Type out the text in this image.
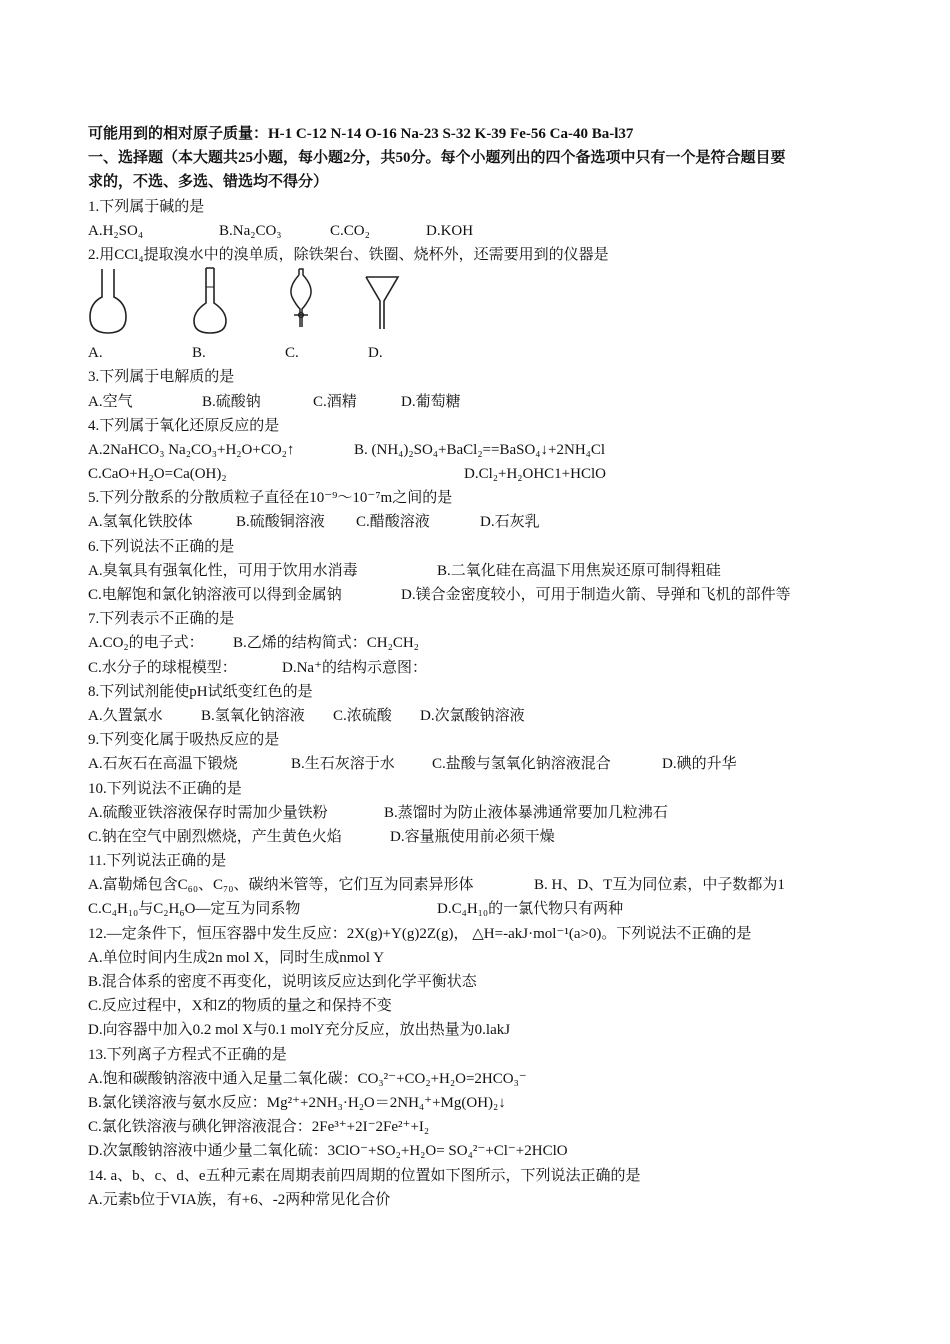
可能用到的相对原子质量：H-1 C-12 N-14 O-16 Na-23 S-32 K-39 Fe-56 Ca-40 Ba-l37
一、选择题（本大题共25小题，每小题2分，共50分。每个小题列出的四个备选项中只有一个是符合题目要
求的，不选、多选、错选均不得分）
1.下列属于碱的是
A.H₂SO₄	B.Na₂CO₃	C.CO₂	D.KOH
2.用CCl₄提取溴水中的溴单质，除铁架台、铁圈、烧杯外，还需要用到的仪器是
A.	B.	C.	D.
3.下列属于电解质的是
A.空气	B.硫酸钠	C.酒精	D.葡萄糖
4.下列属于氧化还原反应的是
A.2NaHCO₃ Na₂CO₃+H₂O+CO₂↑	B. (NH₄)₂SO₄+BaCl₂==BaSO₄↓+2NH₄Cl
C.CaO+H₂O=Ca(OH)₂	D.Cl₂+H₂OHC1+HClO
5.下列分散系的分散质粒子直径在10⁻⁹～10⁻⁷m之间的是
A.氢氧化铁胶体	B.硫酸铜溶液 C.醋酸溶液	D.石灰乳
6.下列说法不正确的是
A.臭氧具有强氧化性，可用于饮用水消毒	B.二氧化硅在高温下用焦炭还原可制得粗硅
C.电解饱和氯化钠溶液可以得到金属钠	D.镁合金密度较小，可用于制造火箭、导弹和飞机的部件等
7.下列表示不正确的是
A.CO₂的电子式： B.乙烯的结构简式：CH₂CH₂
C.水分子的球棍模型：	D.Na⁺的结构示意图：
8.下列试剂能使pH试纸变红色的是
A.久置氯水	B.氢氧化钠溶液 C.浓硫酸 D.次氯酸钠溶液
9.下列变化属于吸热反应的是
A.石灰石在高温下锻烧	B.生石灰溶于水 C.盐酸与氢氧化钠溶液混合	D.碘的升华
10.下列说法不正确的是
A.硫酸亚铁溶液保存时需加少量铁粉	B.蒸馏时为防止液体暴沸通常要加几粒沸石
C.钠在空气中剧烈燃烧，产生黄色火焰	D.容量瓶使用前必须干燥
11.下列说法正确的是
A.富勒烯包含C₆₀、C₇₀、碳纳米管等，它们互为同素异形体	B. H、D、T互为同位素，中子数都为1
C.C₄H₁₀与C₂H₆O—定互为同系物	D.C₄H₁₀的一氯代物只有两种
12.—定条件下，恒压容器中发生反应：2X(g)+Y(g)2Z(g)， △H=-akJ·mol⁻¹(a>0)。下列说法不正确的是
A.单位时间内生成2n mol X，同时生成nmol Y
B.混合体系的密度不再变化，说明该反应达到化学平衡状态
C.反应过程中，X和Z的物质的量之和保持不变
D.向容器中加入0.2 mol X与0.1 molY充分反应，放出热量为0.lakJ
13.下列离子方程式不正确的是
A.饱和碳酸钠溶液中通入足量二氧化碳：CO₃²⁻+CO₂+H₂O=2HCO₃⁻
B.氯化镁溶液与氨水反应：Mg²⁺+2NH₃·H₂O＝2NH₄⁺+Mg(OH)₂↓
C.氯化铁溶液与碘化钾溶液混合：2Fe³⁺+2I⁻2Fe²⁺+I₂
D.次氯酸钠溶液中通少量二氧化硫：3ClO⁻+SO₂+H₂O= SO₄²⁻+Cl⁻+2HClO
14. a、b、c、d、e五种元素在周期表前四周期的位置如下图所示，下列说法正确的是
A.元素b位于VIA族，有+6、-2两种常见化合价
